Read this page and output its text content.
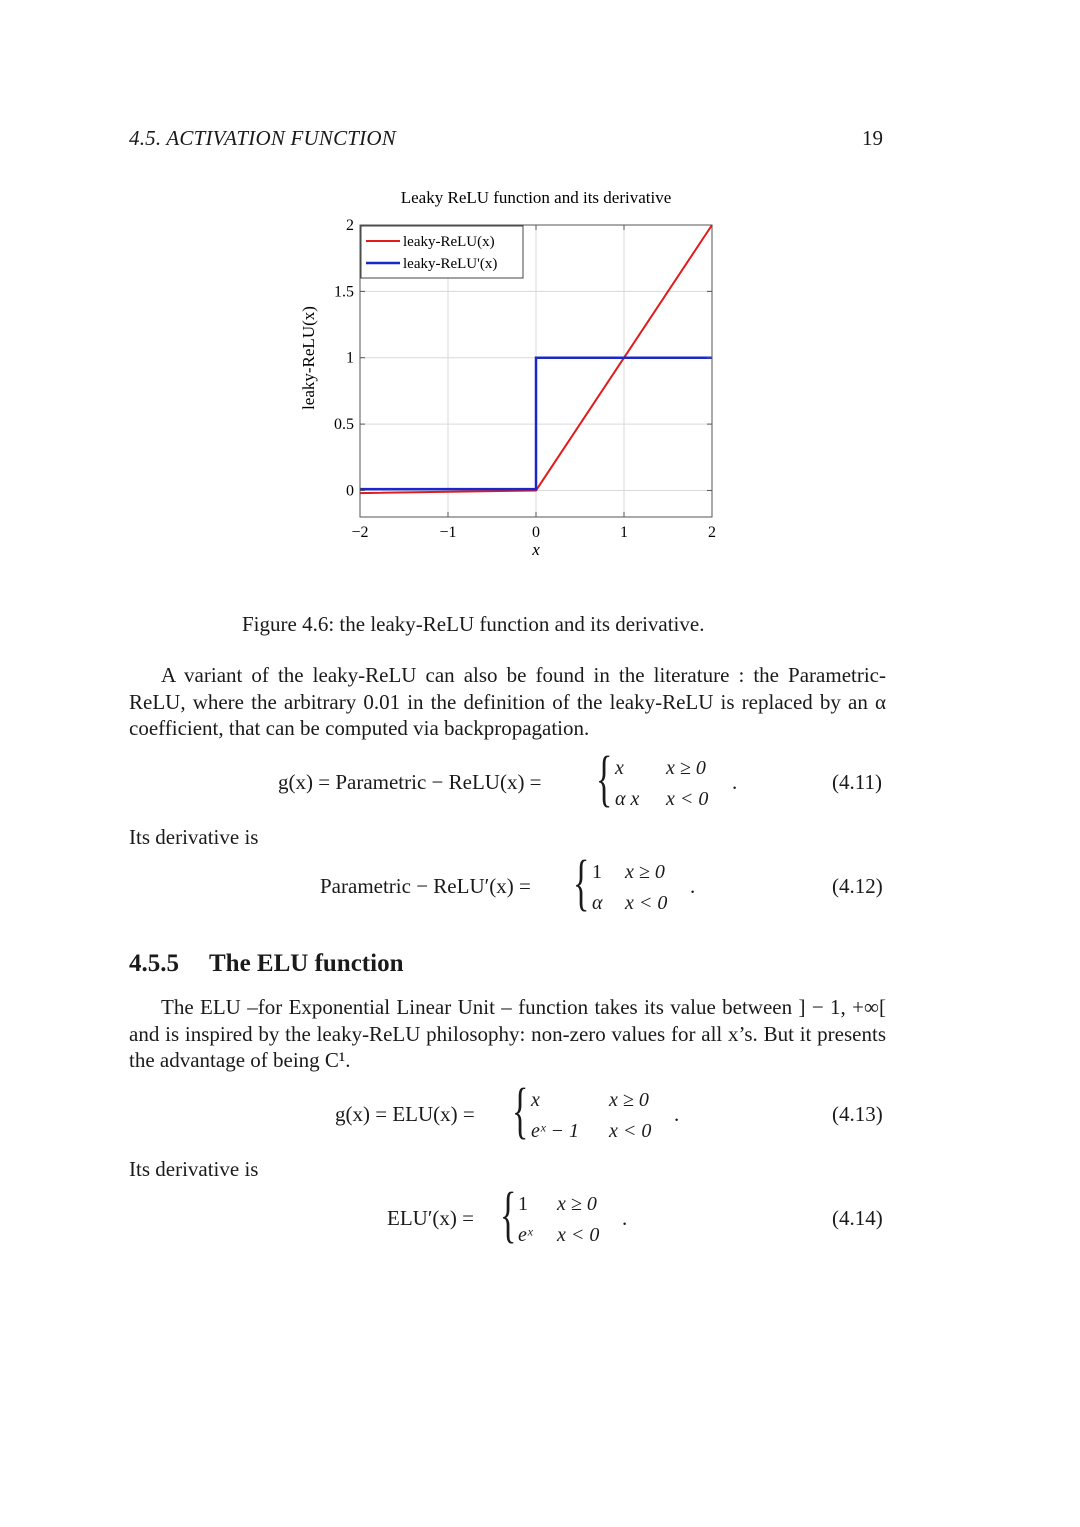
4.5. ACTIVATION FUNCTION	19
Leaky ReLU function and its derivative
−2	−1	0	1	2
0
0.5
1
1.5
2
x
leaky-ReLU(x)
leaky-ReLU(x)
leaky-ReLU'(x)
Figure 4.6: the leaky-ReLU function and its derivative.
A variant of the leaky-ReLU can also be found in the literature : the Parametric-ReLU, where the arbitrary 0.01 in the definition of the leaky-ReLU is replaced by an α coefficient, that can be computed via backpropagation.
g(x) = Parametric − ReLU(x) = { x x ≥ 0
α x x < 0
.	(4.11)
Its derivative is
Parametric − ReLU′(x) = { 1 x ≥ 0
α x < 0
.	(4.12)
4.5.5 The ELU function
The ELU –for Exponential Linear Unit – function takes its value between ] − 1, +∞[ and is inspired by the leaky-ReLU philosophy: non-zero values for all x’s. But it presents the advantage of being C¹.
g(x) = ELU(x) = { x	x ≥ 0
eˣ − 1 x < 0
.	(4.13)
Its derivative is
ELU′(x) = { 1 x ≥ 0
eˣ x < 0
.	(4.14)
